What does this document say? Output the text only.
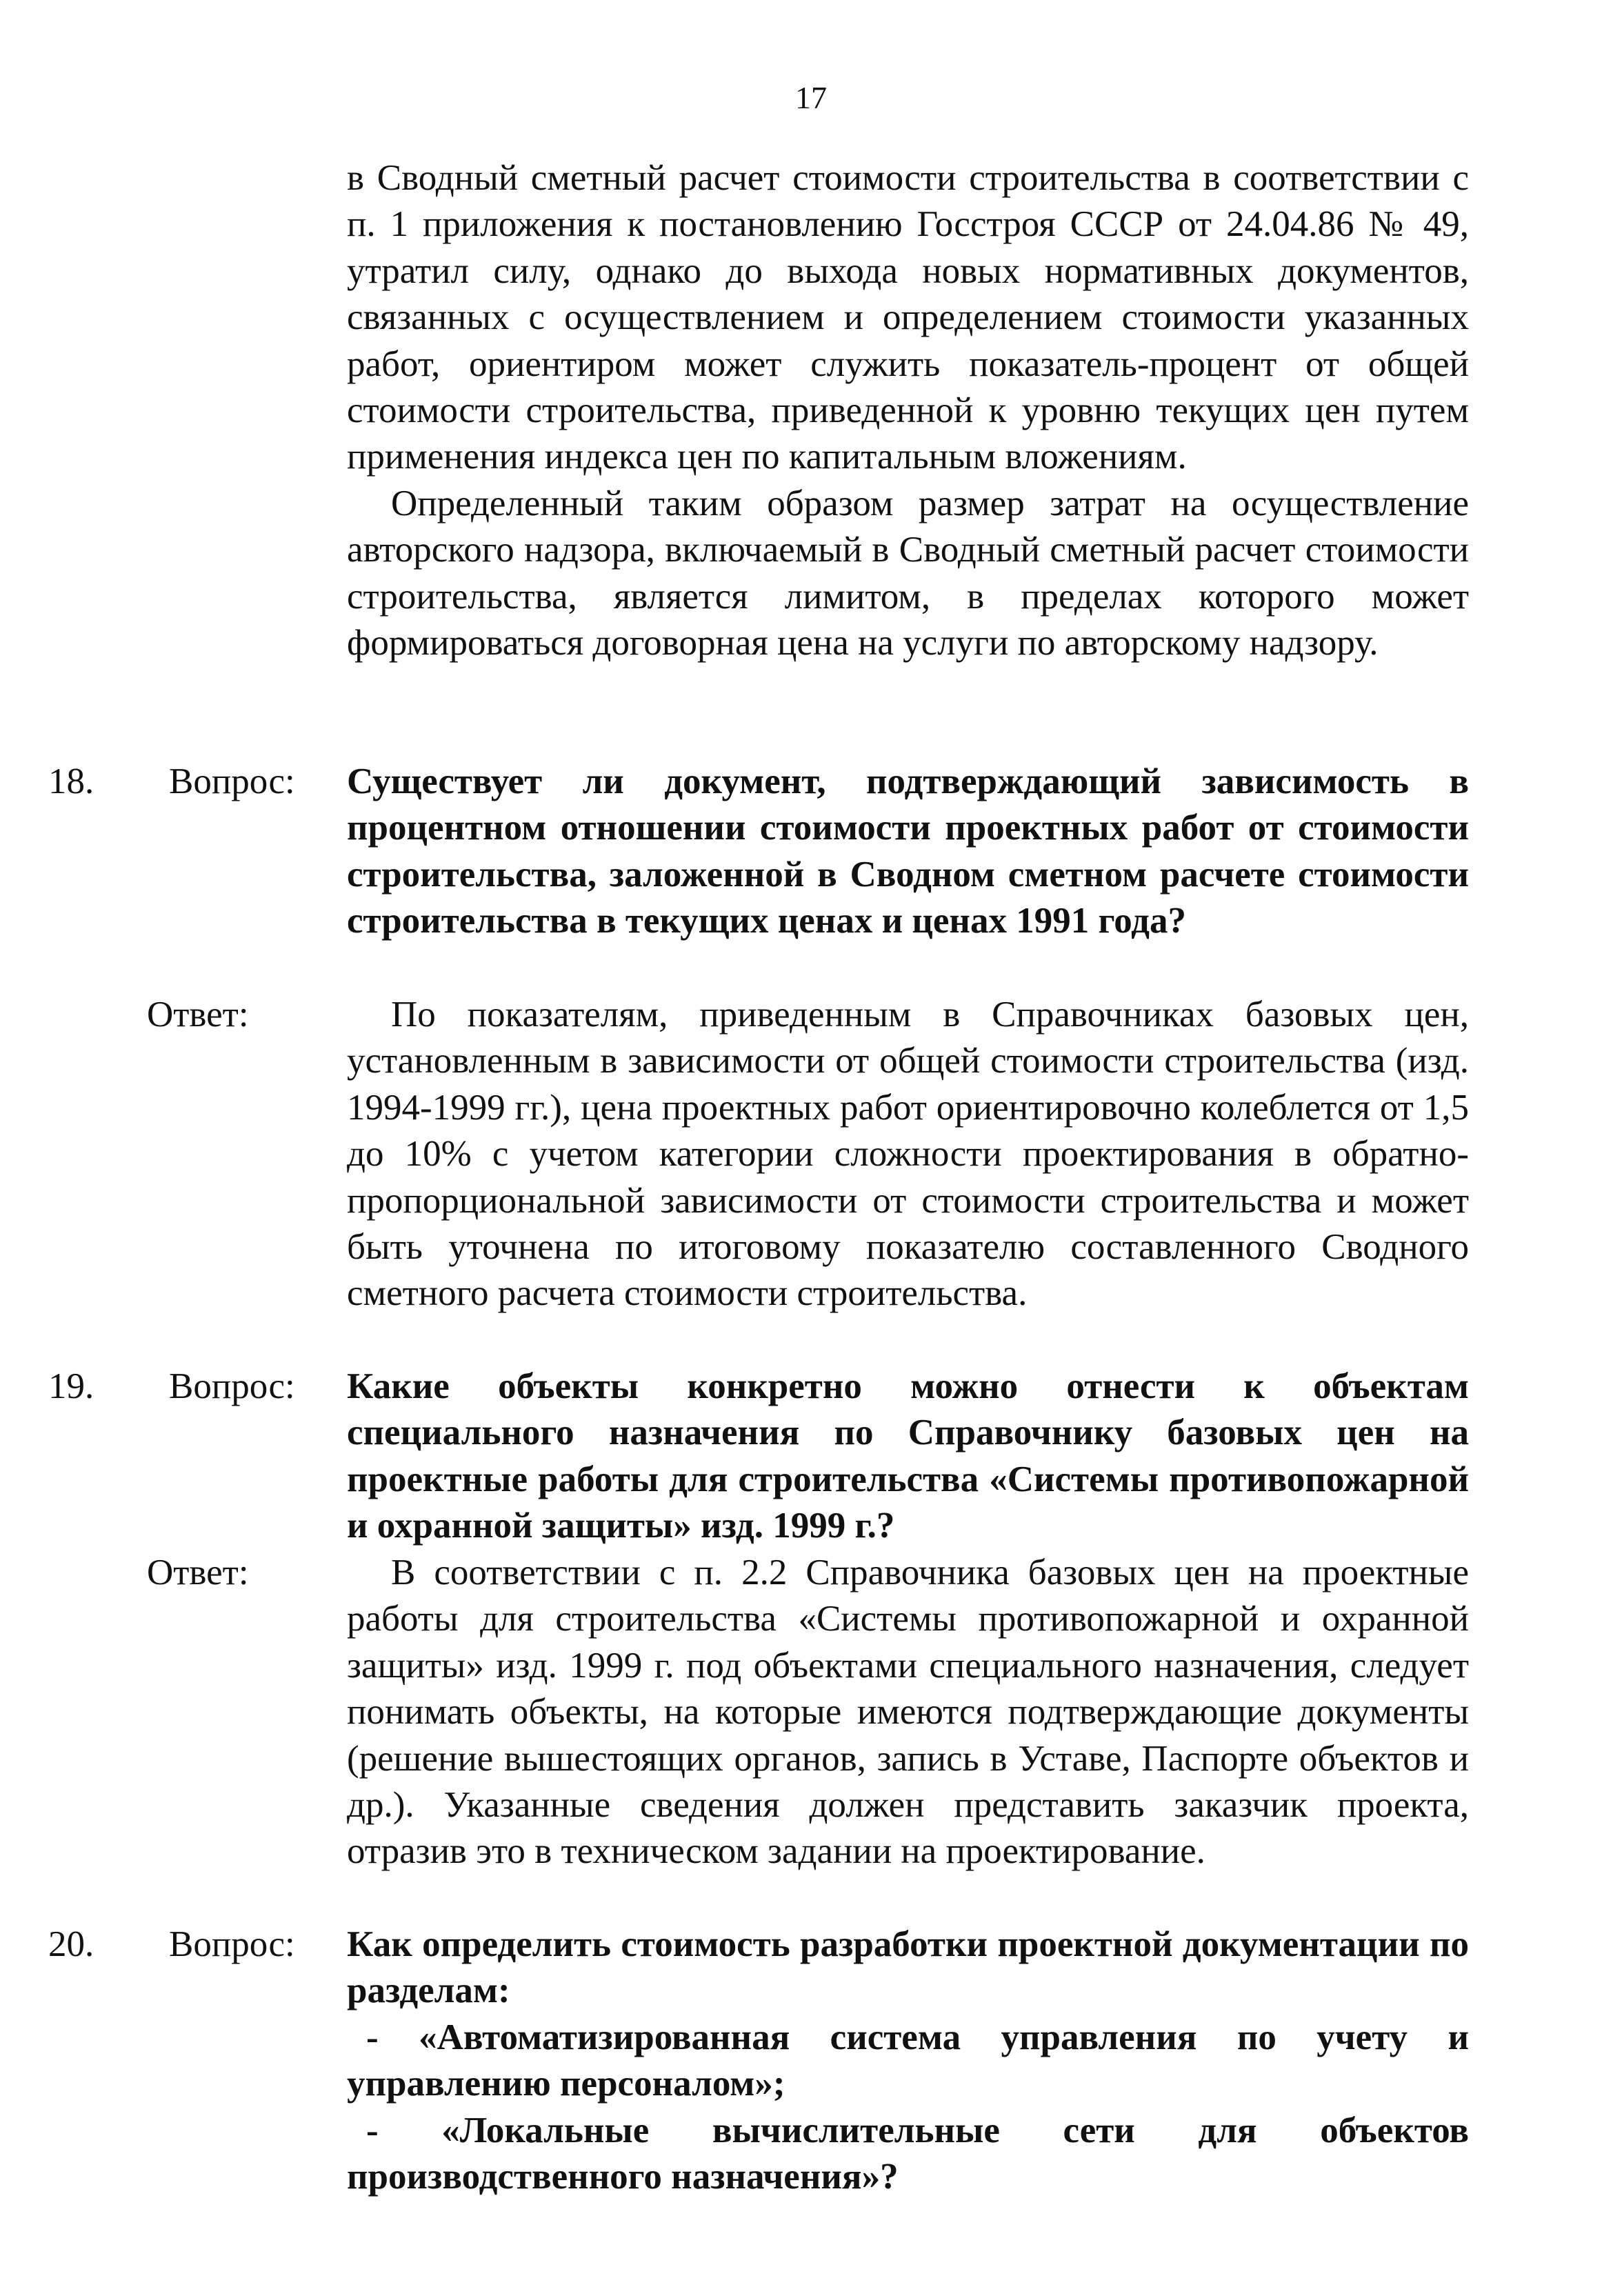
17

в Сводный сметный расчет стоимости строительства в соответствии с п. 1 приложения к постановлению Госстроя СССР от 24.04.86 № 49, утратил силу, однако до выхода новых нормативных документов, связанных с осуществлением и определением стоимости указанных работ, ориентиром может служить показатель-процент от общей стоимости строительства, приведенной к уровню текущих цен путем применения индекса цен по капитальным вложениям.

Определенный таким образом размер затрат на осуществление авторского надзора, включаемый в Сводный сметный расчет стоимости строительства, является лимитом, в пределах которого может формироваться договорная цена на услуги по авторскому надзору.

18. Вопрос: Существует ли документ, подтверждающий зависимость в процентном отношении стоимости проектных работ от стоимости строительства, заложенной в Сводном сметном расчете стоимости строительства в текущих ценах и ценах 1991 года?

Ответ:	По показателям, приведенным в Справочниках базовых цен, установленным в зависимости от общей стоимости строительства (изд. 1994-1999 гг.), цена проектных работ ориентировочно колеблется от 1,5 до 10% с учетом категории сложности проектирования в обратно-пропорциональной зависимости от стоимости строительства и может быть уточнена по итоговому показателю составленного Сводного сметного расчета стоимости строительства.

19. Вопрос: Какие объекты конкретно можно отнести к объектам специального назначения по Справочнику базовых цен на проектные работы для строительства «Системы противопожарной и охранной защиты» изд. 1999 г.?

Ответ:	В соответствии с п. 2.2 Справочника базовых цен на проектные работы для строительства «Системы противопожарной и охранной защиты» изд. 1999 г. под объектами специального назначения, следует понимать объекты, на которые имеются подтверждающие документы (решение вышестоящих органов, запись в Уставе, Паспорте объектов и др.). Указанные сведения должен представить заказчик проекта, отразив это в техническом задании на проектирование.

20. Вопрос: Как определить стоимость разработки проектной документации по разделам:

- «Автоматизированная система управления по учету и управлению персоналом»;

- «Локальные вычислительные сети для объектов производственного назначения»?
